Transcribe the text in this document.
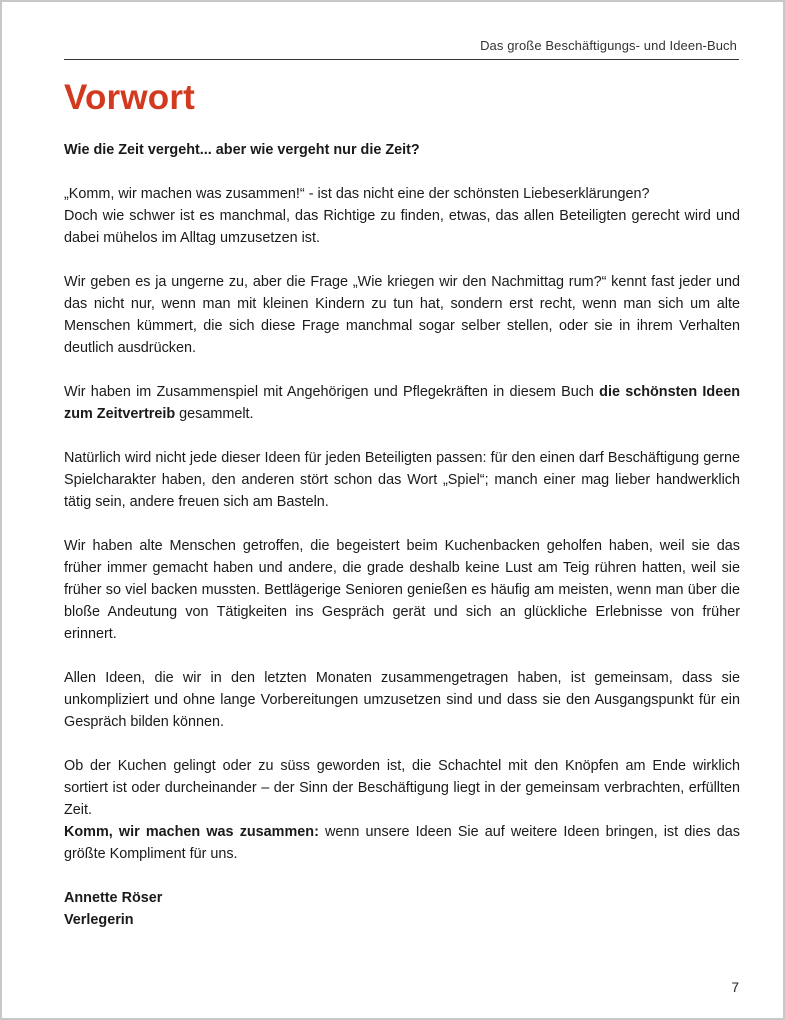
Das große Beschäftigungs- und Ideen-Buch
Vorwort

Wie die Zeit vergeht... aber wie vergeht nur die Zeit?

„Komm, wir machen was zusammen!“ - ist das nicht eine der schönsten Liebeserklärungen?
Doch wie schwer ist es manchmal, das Richtige zu finden, etwas, das allen Beteiligten gerecht wird und dabei mühelos im Alltag umzusetzen ist.

Wir geben es ja ungerne zu, aber die Frage „Wie kriegen wir den Nachmittag rum?“ kennt fast jeder und das nicht nur, wenn man mit kleinen Kindern zu tun hat, sondern erst recht, wenn man sich um alte Menschen kümmert, die sich diese Frage manchmal sogar selber stellen, oder sie in ihrem Verhalten deutlich ausdrücken.

Wir haben im Zusammenspiel mit Angehörigen und Pflegekräften in diesem Buch die schönsten Ideen zum Zeitvertreib gesammelt.

Natürlich wird nicht jede dieser Ideen für jeden Beteiligten passen: für den einen darf Beschäftigung gerne Spielcharakter haben, den anderen stört schon das Wort „Spiel“; manch einer mag lieber handwerklich tätig sein, andere freuen sich am Basteln.

Wir haben alte Menschen getroffen, die begeistert beim Kuchenbacken geholfen haben, weil sie das früher immer gemacht haben und andere, die grade deshalb keine Lust am Teig rühren hatten, weil sie früher so viel backen mussten. Bettlägerige Senioren genießen es häufig am meisten, wenn man über die bloße Andeutung von Tätigkeiten ins Gespräch gerät und sich an glückliche Erlebnisse von früher erinnert.

Allen Ideen, die wir in den letzten Monaten zusammengetragen haben, ist gemeinsam, dass sie unkompliziert und ohne lange Vorbereitungen umzusetzen sind und dass sie den Ausgangspunkt für ein Gespräch bilden können.

Ob der Kuchen gelingt oder zu süss geworden ist, die Schachtel mit den Knöpfen am Ende wirklich sortiert ist oder durcheinander – der Sinn der Beschäftigung liegt in der gemeinsam verbrachten, erfüllten Zeit.

Komm, wir machen was zusammen: wenn unsere Ideen Sie auf weitere Ideen bringen, ist dies das größte Kompliment für uns.

Annette Röser
Verlegerin
7
